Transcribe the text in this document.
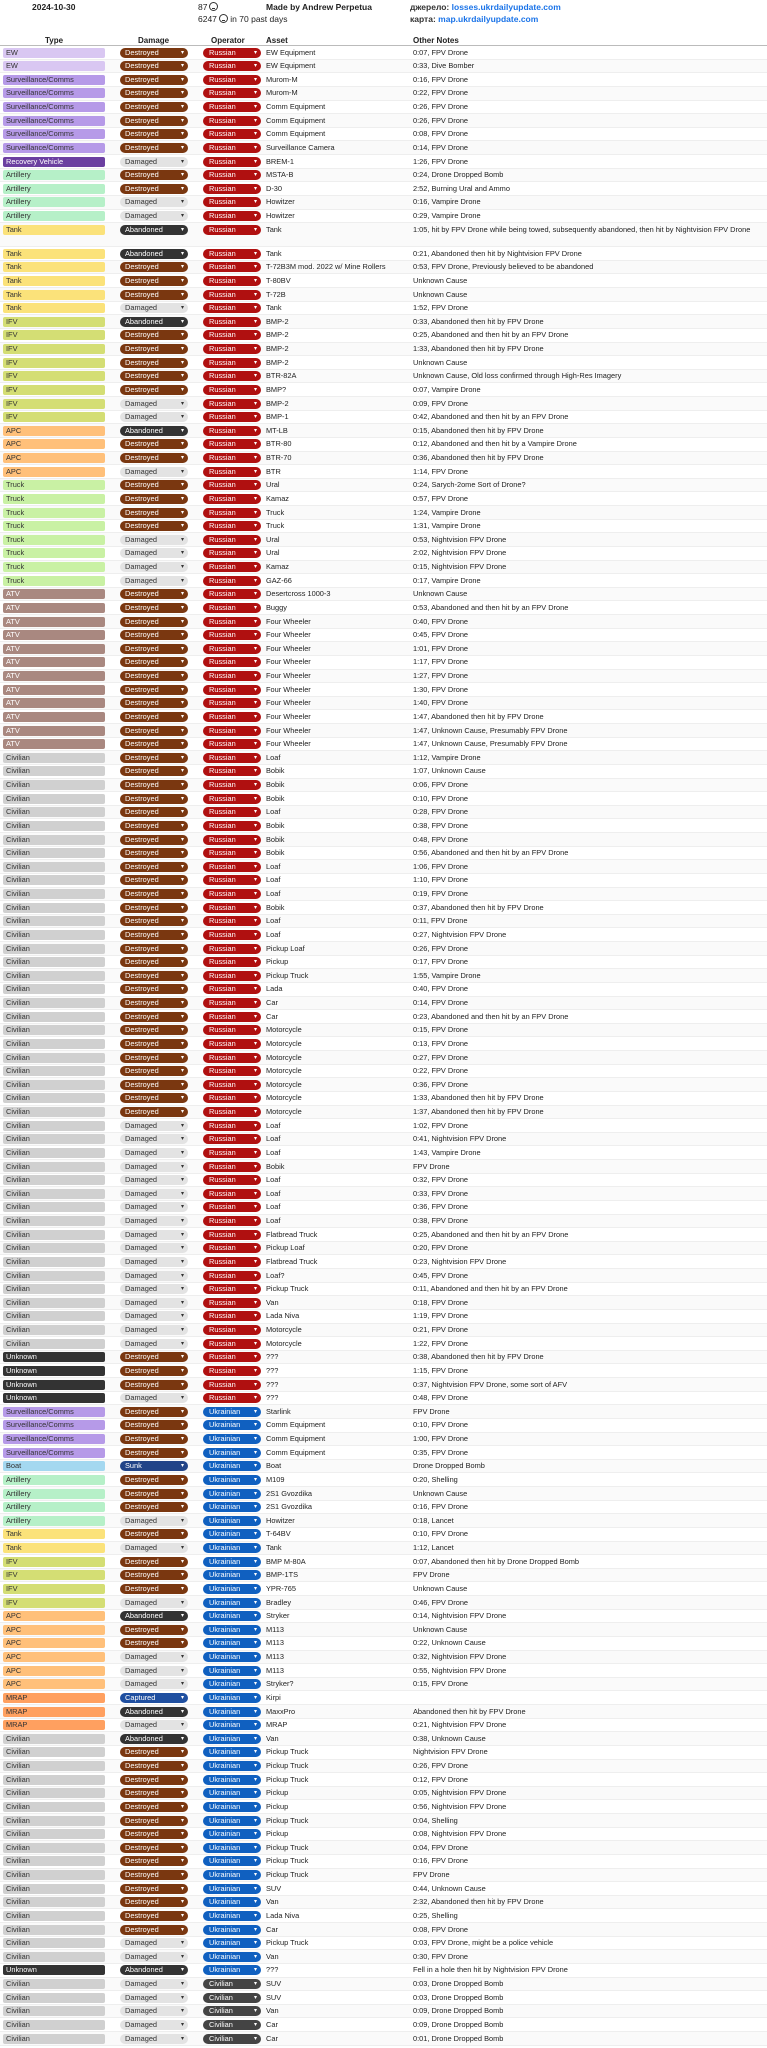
2024-10-30	87
6247 in 70 past days
Made by Andrew Perpetua	джерело: losses.ukrdailyupdate.com
карта: map.ukrdailyupdate.com
Type	Damage	Operator	Asset	Other Notes
EW	Destroyed	▾	Russian	▾ EW Equipment	0:07, FPV Drone
EW	Destroyed	▾	Russian	▾ EW Equipment	0:33, Dive Bomber
Surveillance/Comms	Destroyed	▾	Russian	▾ Murom-M	0:16, FPV Drone
Surveillance/Comms	Destroyed	▾	Russian	▾ Murom-M	0:22, FPV Drone
Surveillance/Comms	Destroyed	▾	Russian	▾ Comm Equipment	0:26, FPV Drone
Surveillance/Comms	Destroyed	▾	Russian	▾ Comm Equipment	0:26, FPV Drone
Surveillance/Comms	Destroyed	▾	Russian	▾ Comm Equipment	0:08, FPV Drone
Surveillance/Comms	Destroyed	▾	Russian	▾ Surveillance Camera	0:14, FPV Drone
Recovery Vehicle	Damaged	▾	Russian	▾ BREM-1	1:26, FPV Drone
Artillery	Destroyed	▾	Russian	▾ MSTA-B	0:24, Drone Dropped Bomb
Artillery	Destroyed	▾	Russian	▾ D-30	2:52, Burning Ural and Ammo
Artillery	Damaged	▾	Russian	▾ Howitzer	0:16, Vampire Drone
Artillery	Damaged	▾	Russian	▾ Howitzer	0:29, Vampire Drone
Tank	Abandoned	▾	Russian	▾ Tank	1:05, hit by FPV Drone while being towed, subsequently abandoned, then hit by Nightvision FPV Drone
Tank	Abandoned	▾	Russian	▾ Tank	0:21, Abandoned then hit by Nightvision FPV Drone
Tank	Destroyed	▾	Russian	▾ T-72B3M mod. 2022 w/ Mine Rollers	0:53, FPV Drone, Previously believed to be abandoned
Tank	Destroyed	▾	Russian	▾ T-80BV	Unknown Cause
Tank	Destroyed	▾	Russian	▾ T-72B	Unknown Cause
Tank	Damaged	▾	Russian	▾ Tank	1:52, FPV Drone
IFV	Abandoned	▾	Russian	▾ BMP-2	0:33, Abandoned then hit by FPV Drone
IFV	Destroyed	▾	Russian	▾ BMP-2	0:25, Abandoned and then hit by an FPV Drone
IFV	Destroyed	▾	Russian	▾ BMP-2	1:33, Abandoned then hit by FPV Drone
IFV	Destroyed	▾	Russian	▾ BMP-2	Unknown Cause
IFV	Destroyed	▾	Russian	▾ BTR-82A	Unknown Cause, Old loss confirmed through High-Res Imagery
IFV	Destroyed	▾	Russian	▾ BMP?	0:07, Vampire Drone
IFV	Damaged	▾	Russian	▾ BMP-2	0:09, FPV Drone
IFV	Damaged	▾	Russian	▾ BMP-1	0:42, Abandoned and then hit by an FPV Drone
APC	Abandoned	▾	Russian	▾ MT-LB	0:15, Abandoned then hit by FPV Drone
APC	Destroyed	▾	Russian	▾ BTR-80	0:12, Abandoned and then hit by a Vampire Drone
APC	Destroyed	▾	Russian	▾ BTR-70	0:36, Abandoned then hit by FPV Drone
APC	Damaged	▾	Russian	▾ BTR	1:14, FPV Drone
Truck	Destroyed	▾	Russian	▾ Ural	0:24, Sarych-2ome Sort of Drone?
Truck	Destroyed	▾	Russian	▾ Kamaz	0:57, FPV Drone
Truck	Destroyed	▾	Russian	▾ Truck	1:24, Vampire Drone
Truck	Destroyed	▾	Russian	▾ Truck	1:31, Vampire Drone
Truck	Damaged	▾	Russian	▾ Ural	0:53, Nightvision FPV Drone
Truck	Damaged	▾	Russian	▾ Ural	2:02, Nightvision FPV Drone
Truck	Damaged	▾	Russian	▾ Kamaz	0:15, Nightvision FPV Drone
Truck	Damaged	▾	Russian	▾ GAZ-66	0:17, Vampire Drone
ATV	Destroyed	▾	Russian	▾ Desertcross 1000-3	Unknown Cause
ATV	Destroyed	▾	Russian	▾ Buggy	0:53, Abandoned and then hit by an FPV Drone
ATV	Destroyed	▾	Russian	▾ Four Wheeler	0:40, FPV Drone
ATV	Destroyed	▾	Russian	▾ Four Wheeler	0:45, FPV Drone
ATV	Destroyed	▾	Russian	▾ Four Wheeler	1:01, FPV Drone
ATV	Destroyed	▾	Russian	▾ Four Wheeler	1:17, FPV Drone
ATV	Destroyed	▾	Russian	▾ Four Wheeler	1:27, FPV Drone
ATV	Destroyed	▾	Russian	▾ Four Wheeler	1:30, FPV Drone
ATV	Destroyed	▾	Russian	▾ Four Wheeler	1:40, FPV Drone
ATV	Destroyed	▾	Russian	▾ Four Wheeler	1:47, Abandoned then hit by FPV Drone
ATV	Destroyed	▾	Russian	▾ Four Wheeler	1:47, Unknown Cause, Presumably FPV Drone
ATV	Destroyed	▾	Russian	▾ Four Wheeler	1:47, Unknown Cause, Presumably FPV Drone
Civilian	Destroyed	▾	Russian	▾ Loaf	1:12, Vampire Drone
Civilian	Destroyed	▾	Russian	▾ Bobik	1:07, Unknown Cause
Civilian	Destroyed	▾	Russian	▾ Bobik	0:06, FPV Drone
Civilian	Destroyed	▾	Russian	▾ Bobik	0:10, FPV Drone
Civilian	Destroyed	▾	Russian	▾ Loaf	0:28, FPV Drone
Civilian	Destroyed	▾	Russian	▾ Bobik	0:38, FPV Drone
Civilian	Destroyed	▾	Russian	▾ Bobik	0:48, FPV Drone
Civilian	Destroyed	▾	Russian	▾ Bobik	0:56, Abandoned and then hit by an FPV Drone
Civilian	Destroyed	▾	Russian	▾ Loaf	1:06, FPV Drone
Civilian	Destroyed	▾	Russian	▾ Loaf	1:10, FPV Drone
Civilian	Destroyed	▾	Russian	▾ Loaf	0:19, FPV Drone
Civilian	Destroyed	▾	Russian	▾ Bobik	0:37, Abandoned then hit by FPV Drone
Civilian	Destroyed	▾	Russian	▾ Loaf	0:11, FPV Drone
Civilian	Destroyed	▾	Russian	▾ Loaf	0:27, Nightvision FPV Drone
Civilian	Destroyed	▾	Russian	▾ Pickup Loaf	0:26, FPV Drone
Civilian	Destroyed	▾	Russian	▾ Pickup	0:17, FPV Drone
Civilian	Destroyed	▾	Russian	▾ Pickup Truck	1:55, Vampire Drone
Civilian	Destroyed	▾	Russian	▾ Lada	0:40, FPV Drone
Civilian	Destroyed	▾	Russian	▾ Car	0:14, FPV Drone
Civilian	Destroyed	▾	Russian	▾ Car	0:23, Abandoned and then hit by an FPV Drone
Civilian	Destroyed	▾	Russian	▾ Motorcycle	0:15, FPV Drone
Civilian	Destroyed	▾	Russian	▾ Motorcycle	0:13, FPV Drone
Civilian	Destroyed	▾	Russian	▾ Motorcycle	0:27, FPV Drone
Civilian	Destroyed	▾	Russian	▾ Motorcycle	0:22, FPV Drone
Civilian	Destroyed	▾	Russian	▾ Motorcycle	0:36, FPV Drone
Civilian	Destroyed	▾	Russian	▾ Motorcycle	1:33, Abandoned then hit by FPV Drone
Civilian	Destroyed	▾	Russian	▾ Motorcycle	1:37, Abandoned then hit by FPV Drone
Civilian	Damaged	▾	Russian	▾ Loaf	1:02, FPV Drone
Civilian	Damaged	▾	Russian	▾ Loaf	0:41, Nightvision FPV Drone
Civilian	Damaged	▾	Russian	▾ Loaf	1:43, Vampire Drone
Civilian	Damaged	▾	Russian	▾ Bobik	FPV Drone
Civilian	Damaged	▾	Russian	▾ Loaf	0:32, FPV Drone
Civilian	Damaged	▾	Russian	▾ Loaf	0:33, FPV Drone
Civilian	Damaged	▾	Russian	▾ Loaf	0:36, FPV Drone
Civilian	Damaged	▾	Russian	▾ Loaf	0:38, FPV Drone
Civilian	Damaged	▾	Russian	▾ Flatbread Truck	0:25, Abandoned and then hit by an FPV Drone
Civilian	Damaged	▾	Russian	▾ Pickup Loaf	0:20, FPV Drone
Civilian	Damaged	▾	Russian	▾ Flatbread Truck	0:23, Nightvision FPV Drone
Civilian	Damaged	▾	Russian	▾ Loaf?	0:45, FPV Drone
Civilian	Damaged	▾	Russian	▾ Pickup Truck	0:11, Abandoned and then hit by an FPV Drone
Civilian	Damaged	▾	Russian	▾ Van	0:18, FPV Drone
Civilian	Damaged	▾	Russian	▾ Lada Niva	1:19, FPV Drone
Civilian	Damaged	▾	Russian	▾ Motorcycle	0:21, FPV Drone
Civilian	Damaged	▾	Russian	▾ Motorcycle	1:22, FPV Drone
Unknown	Destroyed	▾	Russian	▾ ???	0:38, Abandoned then hit by FPV Drone
Unknown	Destroyed	▾	Russian	▾ ???	1:15, FPV Drone
Unknown	Destroyed	▾	Russian	▾ ???	0:37, Nightvision FPV Drone, some sort of AFV
Unknown	Damaged	▾	Russian	▾ ???	0:48, FPV Drone
Surveillance/Comms	Destroyed	▾	Ukrainian ▾ Starlink	FPV Drone
Surveillance/Comms	Destroyed	▾	Ukrainian ▾ Comm Equipment	0:10, FPV Drone
Surveillance/Comms	Destroyed	▾	Ukrainian ▾ Comm Equipment	1:00, FPV Drone
Surveillance/Comms	Destroyed	▾	Ukrainian ▾ Comm Equipment	0:35, FPV Drone
Boat	Sunk	▾	Ukrainian ▾ Boat	Drone Dropped Bomb
Artillery	Destroyed	▾	Ukrainian ▾ M109	0:20, Shelling
Artillery	Destroyed	▾	Ukrainian ▾ 2S1 Gvozdika	Unknown Cause
Artillery	Destroyed	▾	Ukrainian ▾ 2S1 Gvozdika	0:16, FPV Drone
Artillery	Damaged	▾	Ukrainian ▾ Howitzer	0:18, Lancet
Tank	Destroyed	▾	Ukrainian ▾ T-64BV	0:10, FPV Drone
Tank	Damaged	▾	Ukrainian ▾ Tank	1:12, Lancet
IFV	Destroyed	▾	Ukrainian ▾ BMP M-80A	0:07, Abandoned then hit by Drone Dropped Bomb
IFV	Destroyed	▾	Ukrainian ▾ BMP-1TS	FPV Drone
IFV	Destroyed	▾	Ukrainian ▾ YPR-765	Unknown Cause
IFV	Damaged	▾	Ukrainian ▾ Bradley	0:46, FPV Drone
APC	Abandoned	▾	Ukrainian ▾ Stryker	0:14, Nightvision FPV Drone
APC	Destroyed	▾	Ukrainian ▾ M113	Unknown Cause
APC	Destroyed	▾	Ukrainian ▾ M113	0:22, Unknown Cause
APC	Damaged	▾	Ukrainian ▾ M113	0:32, Nightvision FPV Drone
APC	Damaged	▾	Ukrainian ▾ M113	0:55, Nightvision FPV Drone
APC	Damaged	▾	Ukrainian ▾ Stryker?	0:15, FPV Drone
MRAP	Captured	▾	Ukrainian ▾ Kirpi
MRAP	Abandoned	▾	Ukrainian ▾ MaxxPro	Abandoned then hit by FPV Drone
MRAP	Damaged	▾	Ukrainian ▾ MRAP	0:21, Nightvision FPV Drone
Civilian	Abandoned	▾	Ukrainian ▾ Van	0:38, Unknown Cause
Civilian	Destroyed	▾	Ukrainian ▾ Pickup Truck	Nightvision FPV Drone
Civilian	Destroyed	▾	Ukrainian ▾ Pickup Truck	0:26, FPV Drone
Civilian	Destroyed	▾	Ukrainian ▾ Pickup Truck	0:12, FPV Drone
Civilian	Destroyed	▾	Ukrainian ▾ Pickup	0:05, Nightvision FPV Drone
Civilian	Destroyed	▾	Ukrainian ▾ Pickup	0:56, Nightvision FPV Drone
Civilian	Destroyed	▾	Ukrainian ▾ Pickup Truck	0:04, Shelling
Civilian	Destroyed	▾	Ukrainian ▾ Pickup	0:08, Nightvision FPV Drone
Civilian	Destroyed	▾	Ukrainian ▾ Pickup Truck	0:04, FPV Drone
Civilian	Destroyed	▾	Ukrainian ▾ Pickup Truck	0:16, FPV Drone
Civilian	Destroyed	▾	Ukrainian ▾ Pickup Truck	FPV Drone
Civilian	Destroyed	▾	Ukrainian ▾ SUV	0:44, Unknown Cause
Civilian	Destroyed	▾	Ukrainian ▾ Van	2:32, Abandoned then hit by FPV Drone
Civilian	Destroyed	▾	Ukrainian ▾ Lada Niva	0:25, Shelling
Civilian	Destroyed	▾	Ukrainian ▾ Car	0:08, FPV Drone
Civilian	Damaged	▾	Ukrainian ▾ Pickup Truck	0:03, FPV Drone, might be a police vehicle
Civilian	Damaged	▾	Ukrainian ▾ Van	0:30, FPV Drone
Unknown	Abandoned	▾	Ukrainian ▾ ???	Fell in a hole then hit by Nightvision FPV Drone
Civilian	Damaged	▾	Civilian	▾ SUV	0:03, Drone Dropped Bomb
Civilian	Damaged	▾	Civilian	▾ SUV	0:03, Drone Dropped Bomb
Civilian	Damaged	▾	Civilian	▾ Van	0:09, Drone Dropped Bomb
Civilian	Damaged	▾	Civilian	▾ Car	0:09, Drone Dropped Bomb
Civilian	Damaged	▾	Civilian	▾ Car	0:01, Drone Dropped Bomb
